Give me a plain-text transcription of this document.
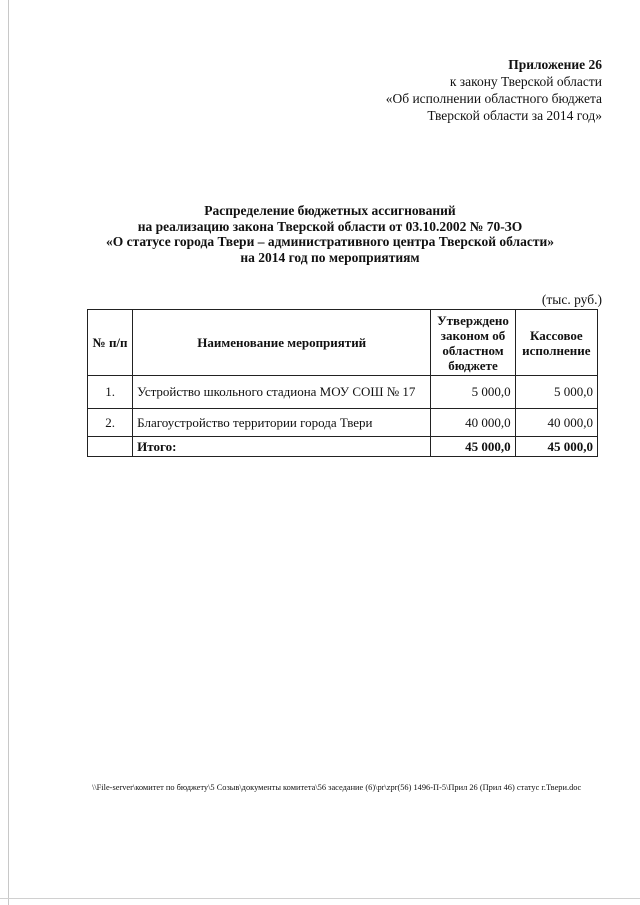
Приложение 26
к закону Тверской области
«Об исполнении областного бюджета
Тверской области за 2014 год»
Распределение бюджетных ассигнований
на реализацию закона Тверской области от 03.10.2002 № 70-ЗО
«О статусе города Твери – административного центра Тверской области»
на 2014 год по мероприятиям
(тыс. руб.)
№ п/п	Наименование мероприятий	Утверждено законом об областном бюджете	Кассовое исполнение
1.	Устройство школьного стадиона МОУ СОШ № 17	5 000,0	5 000,0
2.	Благоустройство территории города Твери	40 000,0	40 000,0
	Итого:	45 000,0	45 000,0
\\File-server\комитет по бюджету\5 Созыв\документы комитета\56 заседание (6)\pr\zpr(56) 1496-П-5\Прил 26 (Прил 46) статус г.Твери.doc
